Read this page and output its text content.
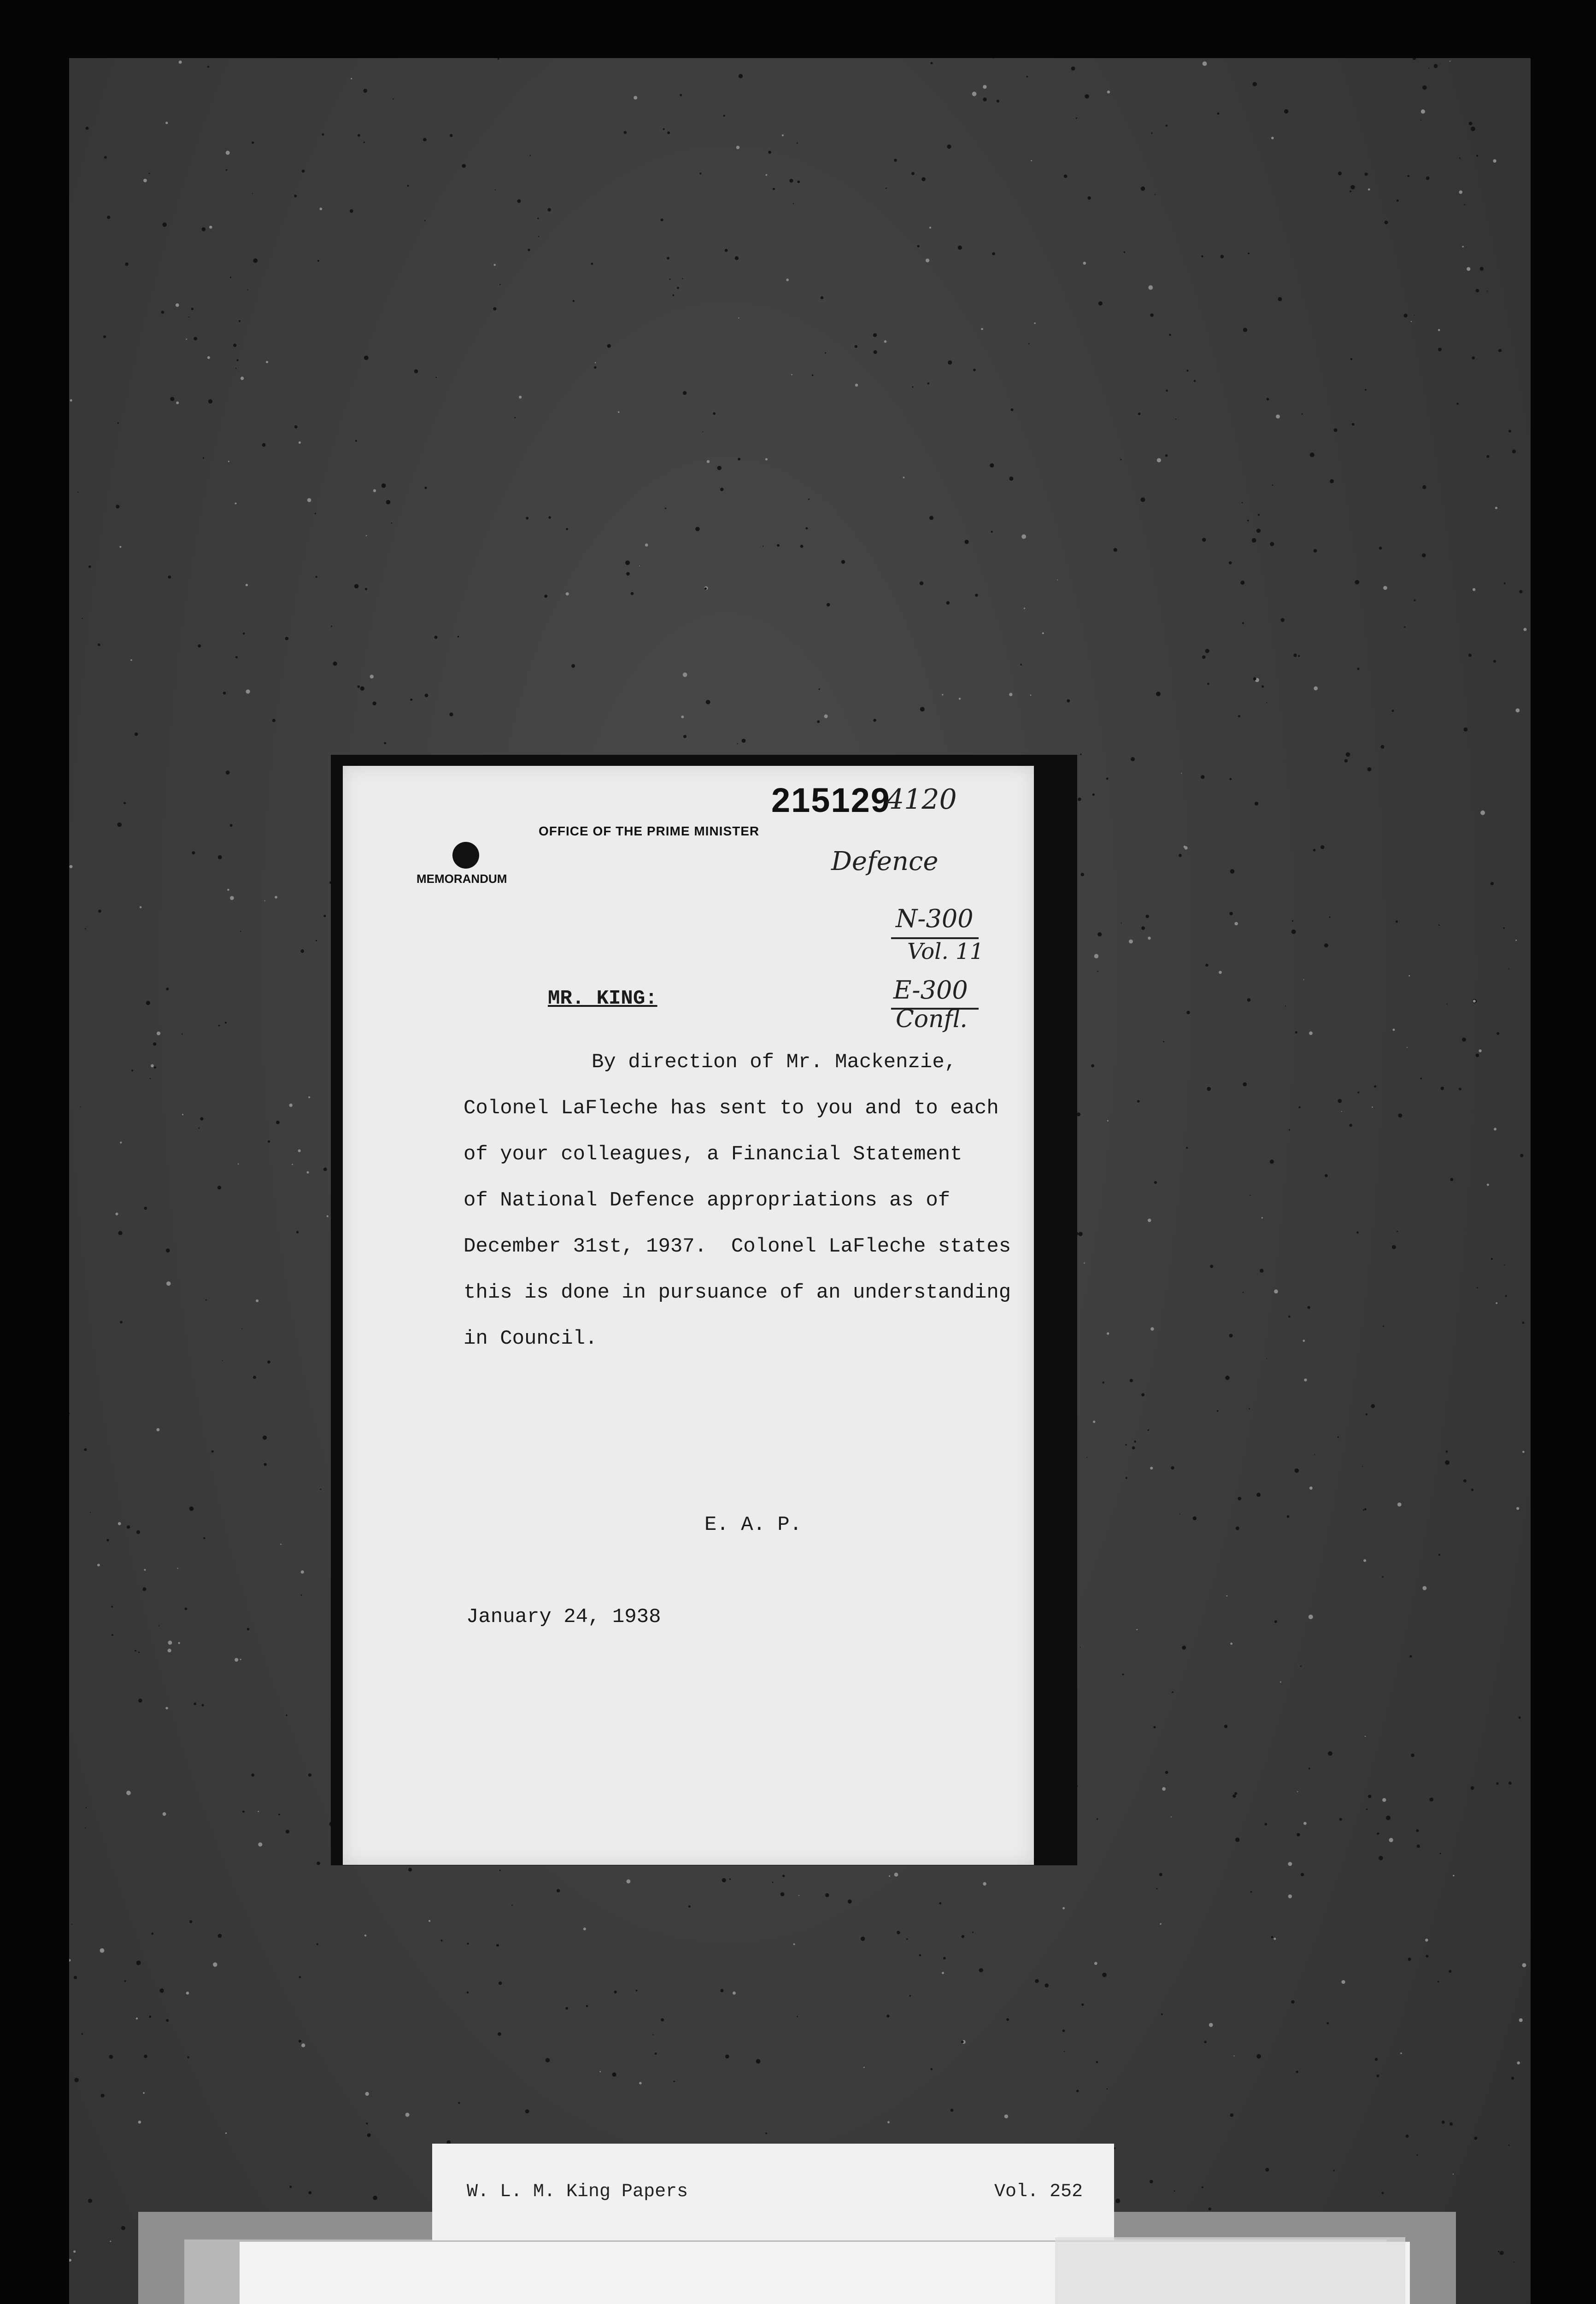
215129
4120
OFFICE OF THE PRIME MINISTER
MEMORANDUM
Defence
N-300
Vol. 11
E-300
Confl.
MR. KING:
By direction of Mr. Mackenzie,
Colonel LaFleche has sent to you and to each
of your colleagues, a Financial Statement
of National Defence appropriations as of
December 31st, 1937.  Colonel LaFleche states
this is done in pursuance of an understanding
in Council.
E. A. P.
January 24, 1938
W. L. M. King Papers	Vol. 252
